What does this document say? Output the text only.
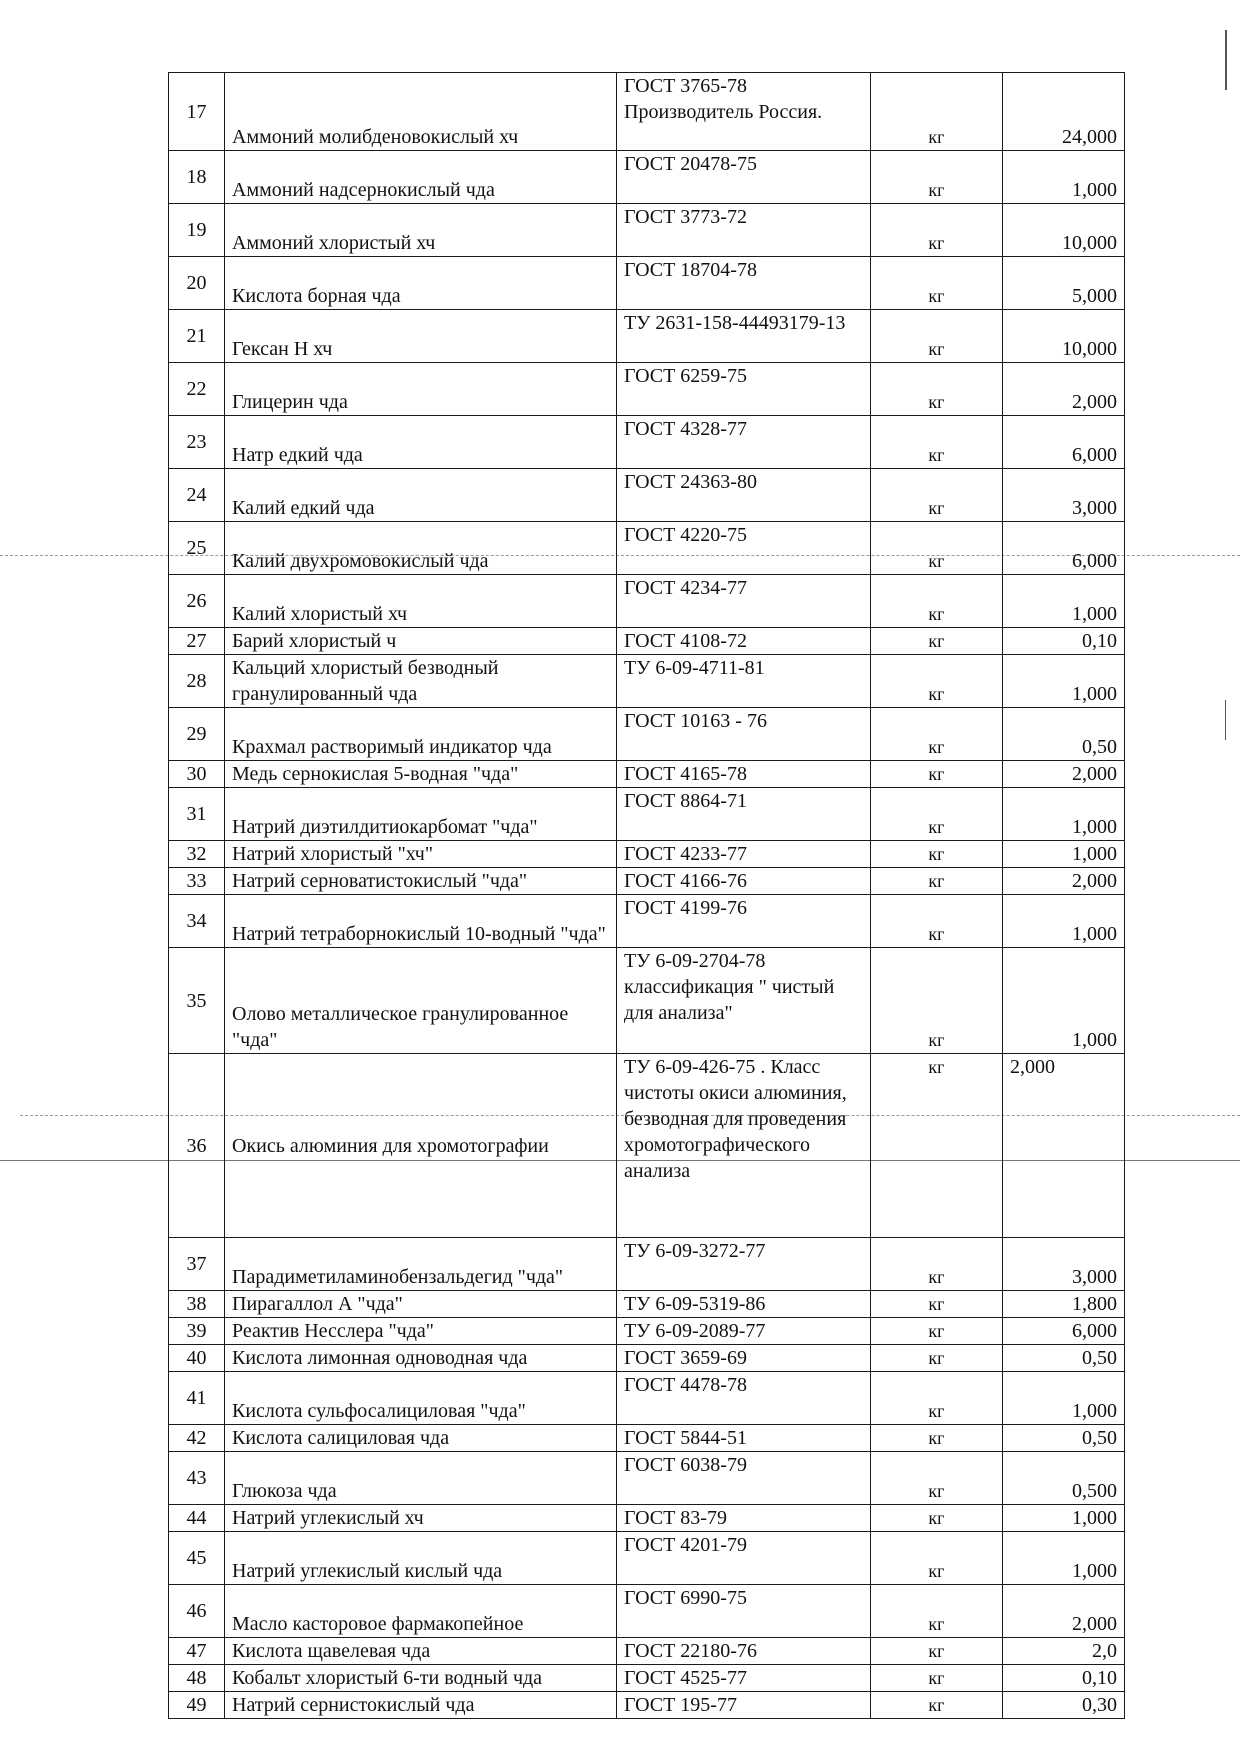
17	Аммоний молибденовокислый хч	ГОСТ 3765-78 Производитель Россия.	кг	24,000
18	Аммоний надсернокислый чда	ГОСТ 20478-75	кг	1,000
19	Аммоний хлористый хч	ГОСТ 3773-72	кг	10,000
20	Кислота борная чда	ГОСТ 18704-78	кг	5,000
21	Гексан Н хч	ТУ 2631-158-44493179-13	кг	10,000
22	Глицерин чда	ГОСТ 6259-75	кг	2,000
23	Натр едкий чда	ГОСТ 4328-77	кг	6,000
24	Калий едкий чда	ГОСТ 24363-80	кг	3,000
25	Калий двухромовокислый чда	ГОСТ 4220-75	кг	6,000
26	Калий хлористый хч	ГОСТ 4234-77	кг	1,000
27	Барий хлористый ч	ГОСТ 4108-72	кг	0,10
28	Кальций хлористый безводный гранулированный чда	ТУ 6-09-4711-81	кг	1,000
29	Крахмал растворимый индикатор чда	ГОСТ 10163 - 76	кг	0,50
30	Медь сернокислая 5-водная "чда"	ГОСТ 4165-78	кг	2,000
31	Натрий диэтилдитиокарбомат "чда"	ГОСТ 8864-71	кг	1,000
32	Натрий хлористый "хч"	ГОСТ 4233-77	кг	1,000
33	Натрий серноватистокислый "чда"	ГОСТ 4166-76	кг	2,000
34	Натрий тетраборнокислый 10-водный "чда"	ГОСТ 4199-76	кг	1,000
35	Олово металлическое гранулированное "чда"	ТУ 6-09-2704-78 классификация " чистый для анализа"	кг	1,000
36	Окись алюминия для хромотографии	ТУ 6-09-426-75 . Класс чистоты окиси алюминия, безводная для проведения хромотографического анализа	кг	2,000
37	Парадиметиламинобензальдегид "чда"	ТУ 6-09-3272-77	кг	3,000
38	Пирагаллол А "чда"	ТУ 6-09-5319-86	кг	1,800
39	Реактив Несслера "чда"	ТУ 6-09-2089-77	кг	6,000
40	Кислота лимонная одноводная чда	ГОСТ 3659-69	кг	0,50
41	Кислота сульфосалициловая "чда"	ГОСТ 4478-78	кг	1,000
42	Кислота салициловая чда	ГОСТ 5844-51	кг	0,50
43	Глюкоза чда	ГОСТ 6038-79	кг	0,500
44	Натрий углекислый хч	ГОСТ 83-79	кг	1,000
45	Натрий углекислый кислый чда	ГОСТ 4201-79	кг	1,000
46	Масло касторовое фармакопейное	ГОСТ 6990-75	кг	2,000
47	Кислота щавелевая чда	ГОСТ 22180-76	кг	2,0
48	Кобальт хлористый 6-ти водный чда	ГОСТ 4525-77	кг	0,10
49	Натрий сернистокислый чда	ГОСТ 195-77	кг	0,30
